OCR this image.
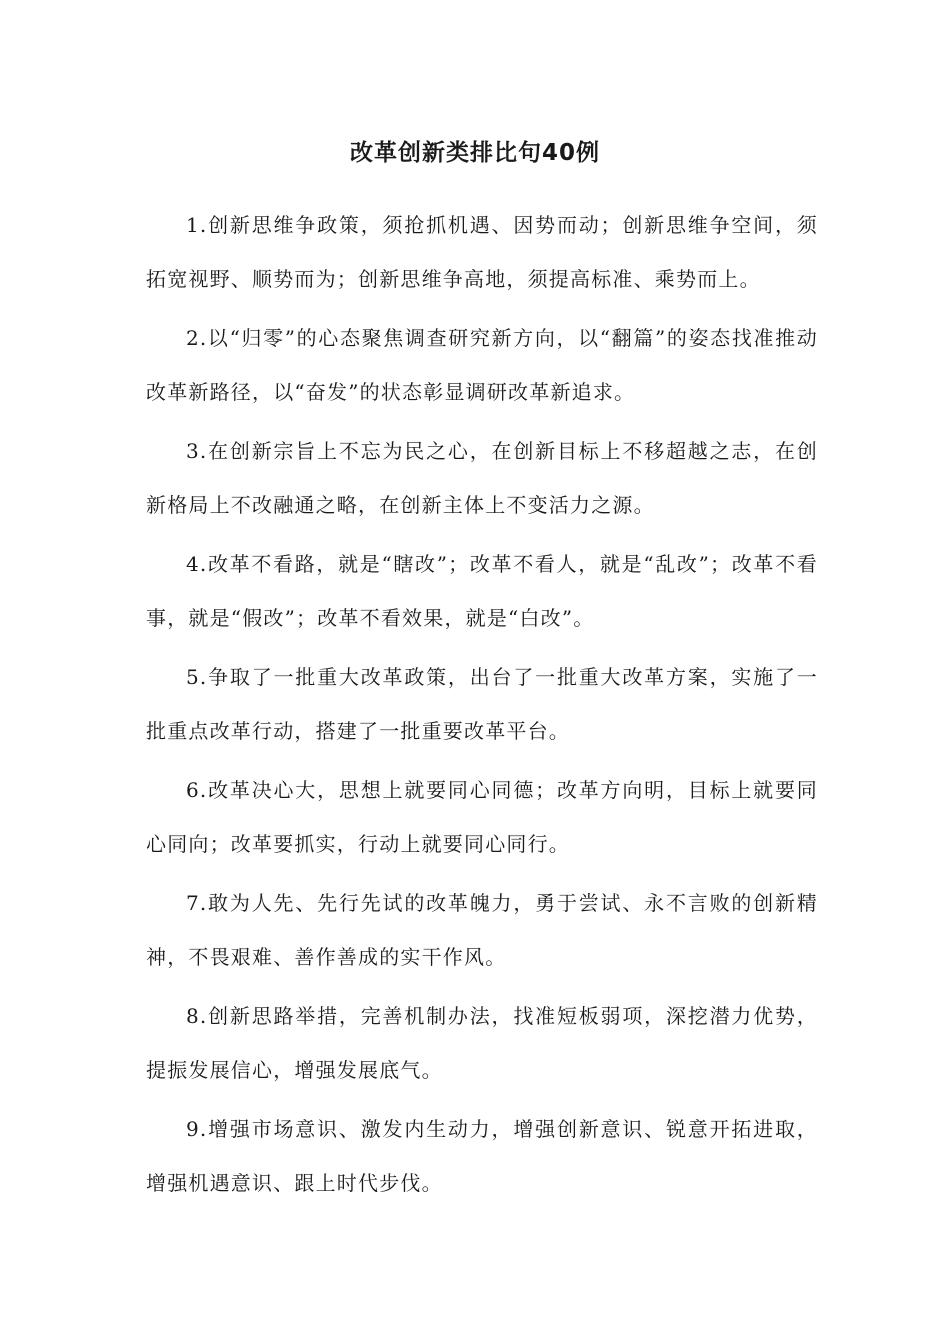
改革创新类排比句40例

1.创新思维争政策，须抢抓机遇、因势而动；创新思维争空间，须拓宽视野、顺势而为；创新思维争高地，须提高标准、乘势而上。

2.以“归零”的心态聚焦调查研究新方向，以“翻篇”的姿态找准推动改革新路径，以“奋发”的状态彰显调研改革新追求。

3.在创新宗旨上不忘为民之心，在创新目标上不移超越之志，在创新格局上不改融通之略，在创新主体上不变活力之源。

4.改革不看路，就是“瞎改”；改革不看人，就是“乱改”；改革不看事，就是“假改”；改革不看效果，就是“白改”。

5.争取了一批重大改革政策，出台了一批重大改革方案，实施了一批重点改革行动，搭建了一批重要改革平台。

6.改革决心大，思想上就要同心同德；改革方向明，目标上就要同心同向；改革要抓实，行动上就要同心同行。

7.敢为人先、先行先试的改革魄力，勇于尝试、永不言败的创新精神，不畏艰难、善作善成的实干作风。

8.创新思路举措，完善机制办法，找准短板弱项，深挖潜力优势，提振发展信心，增强发展底气。

9.增强市场意识、激发内生动力，增强创新意识、锐意开拓进取，增强机遇意识、跟上时代步伐。
